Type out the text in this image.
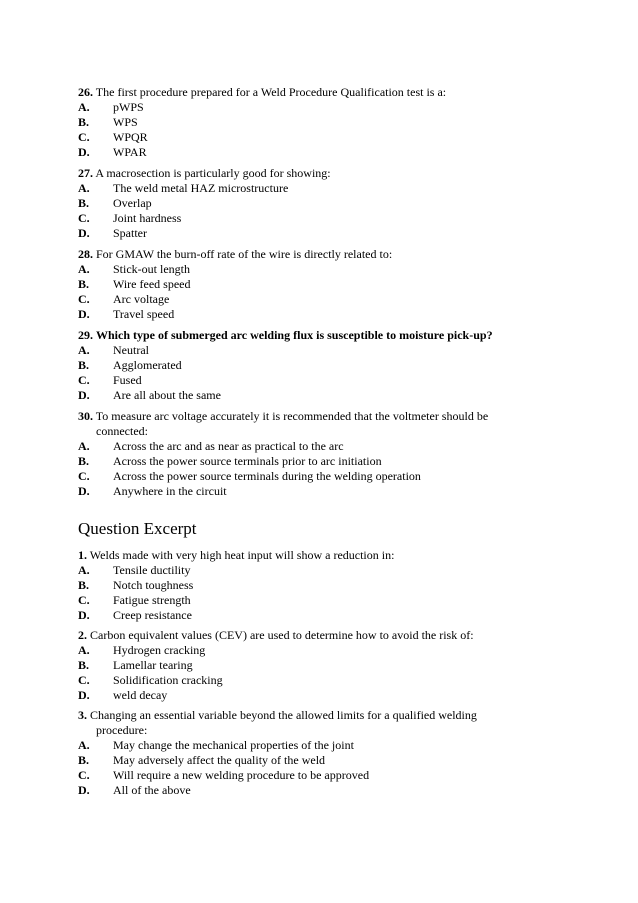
26. The first procedure prepared for a Weld Procedure Qualification test is a:
A. pWPS
B. WPS
C. WPQR
D. WPAR
27. A macrosection is particularly good for showing:
A. The weld metal HAZ microstructure
B. Overlap
C. Joint hardness
D. Spatter
28. For GMAW the burn-off rate of the wire is directly related to:
A. Stick-out length
B. Wire feed speed
C. Arc voltage
D. Travel speed
29. Which type of submerged arc welding flux is susceptible to moisture pick-up?
A. Neutral
B. Agglomerated
C. Fused
D. Are all about the same
30. To measure arc voltage accurately it is recommended that the voltmeter should be
connected:
A. Across the arc and as near as practical to the arc
B. Across the power source terminals prior to arc initiation
C. Across the power source terminals during the welding operation
D. Anywhere in the circuit
Question Excerpt
1. Welds made with very high heat input will show a reduction in:
A. Tensile ductility
B. Notch toughness
C. Fatigue strength
D. Creep resistance
2. Carbon equivalent values (CEV) are used to determine how to avoid the risk of:
A. Hydrogen cracking
B. Lamellar tearing
C. Solidification cracking
D. weld decay
3. Changing an essential variable beyond the allowed limits for a qualified welding
procedure:
A. May change the mechanical properties of the joint
B. May adversely affect the quality of the weld
C. Will require a new welding procedure to be approved
D. All of the above
